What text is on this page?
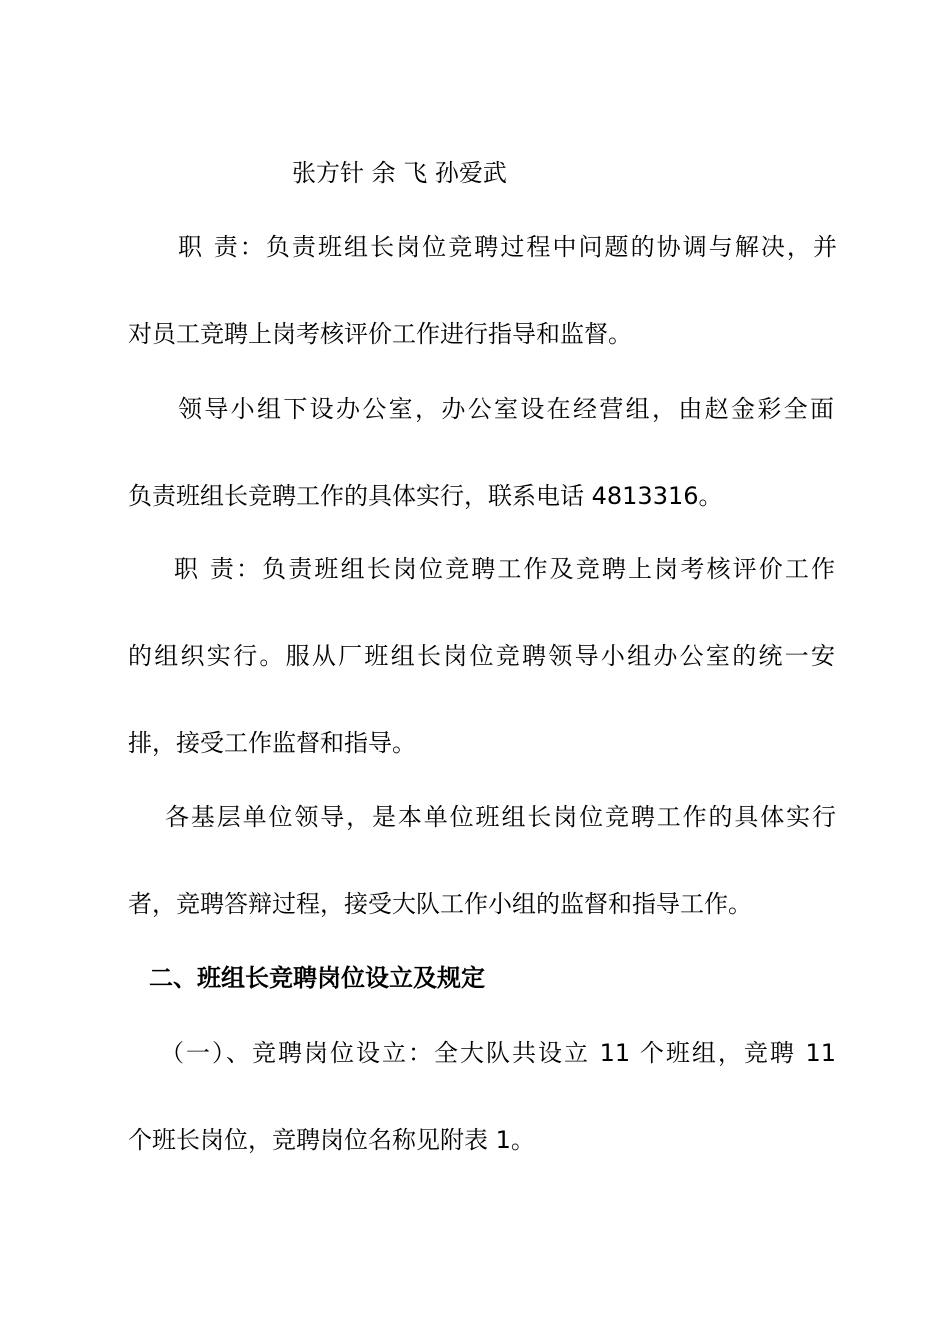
张方针 余 飞 孙爱武
职 责：负责班组长岗位竞聘过程中问题的协调与解决，并
对员工竞聘上岗考核评价工作进行指导和监督。
领导小组下设办公室，办公室设在经营组，由赵金彩全面
负责班组长竞聘工作的具体实行，联系电话 4813316。
职 责：负责班组长岗位竞聘工作及竞聘上岗考核评价工作
的组织实行。服从厂班组长岗位竞聘领导小组办公室的统一安
排，接受工作监督和指导。
各基层单位领导，是本单位班组长岗位竞聘工作的具体实行
者，竞聘答辩过程，接受大队工作小组的监督和指导工作。
二、班组长竞聘岗位设立及规定
（一）、竞聘岗位设立：全大队共设立 11 个班组，竞聘 11
个班长岗位，竞聘岗位名称见附表 1。
